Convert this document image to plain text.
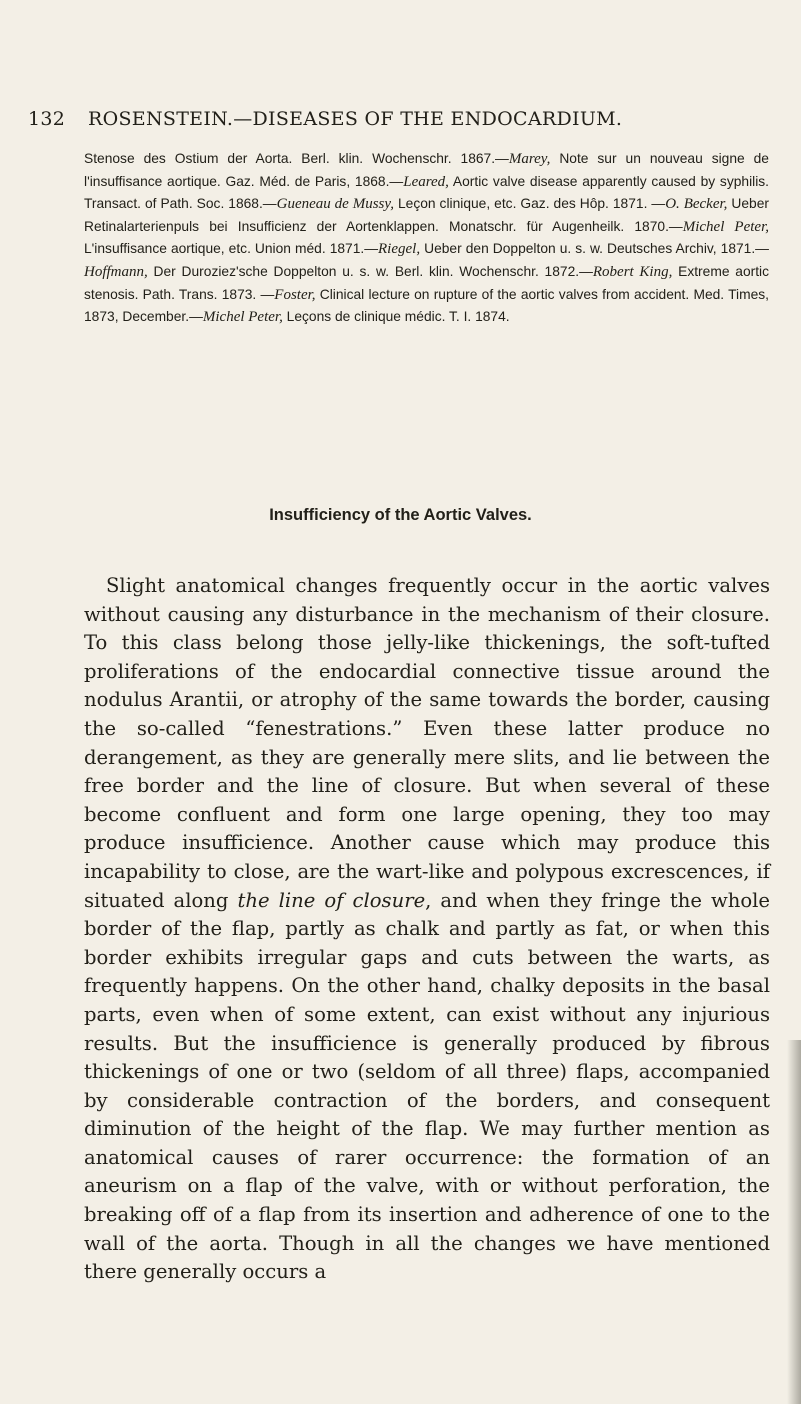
132 ROSENSTEIN.—DISEASES OF THE ENDOCARDIUM.
Stenose des Ostium der Aorta. Berl. klin. Wochenschr. 1867.—Marey, Note sur un nouveau signe de l'insuffisance aortique. Gaz. Méd. de Paris, 1868.—Leared, Aortic valve disease apparently caused by syphilis. Transact. of Path. Soc. 1868.—Gueneau de Mussy, Leçon clinique, etc. Gaz. des Hôp. 1871. —O. Becker, Ueber Retinalarterienpuls bei Insufficienz der Aortenklappen. Monatschr. für Augenheilk. 1870.—Michel Peter, L'insuffisance aortique, etc. Union méd. 1871.—Riegel, Ueber den Doppelton u. s. w. Deutsches Archiv, 1871.—Hoffmann, Der Duroziez'sche Doppelton u. s. w. Berl. klin. Wochenschr. 1872.—Robert King, Extreme aortic stenosis. Path. Trans. 1873. —Foster, Clinical lecture on rupture of the aortic valves from accident. Med. Times, 1873, December.—Michel Peter, Leçons de clinique médic. T. I. 1874.
Insufficiency of the Aortic Valves.

Slight anatomical changes frequently occur in the aortic valves without causing any disturbance in the mechanism of their closure. To this class belong those jelly-like thickenings, the soft-tufted proliferations of the endocardial connective tissue around the nodulus Arantii, or atrophy of the same towards the border, causing the so-called “fenestrations.” Even these latter produce no derangement, as they are generally mere slits, and lie between the free border and the line of closure. But when several of these become confluent and form one large opening, they too may produce insufficience. Another cause which may produce this incapability to close, are the wart-like and polypous excrescences, if situated along the line of closure, and when they fringe the whole border of the flap, partly as chalk and partly as fat, or when this border exhibits irregular gaps and cuts between the warts, as frequently happens. On the other hand, chalky deposits in the basal parts, even when of some extent, can exist without any injurious results. But the insufficience is generally produced by fibrous thickenings of one or two (seldom of all three) flaps, accompanied by considerable contraction of the borders, and consequent diminution of the height of the flap. We may further mention as anatomical causes of rarer occurrence: the formation of an aneurism on a flap of the valve, with or without perforation, the breaking off of a flap from its insertion and adherence of one to the wall of the aorta. Though in all the changes we have mentioned there generally occurs a
